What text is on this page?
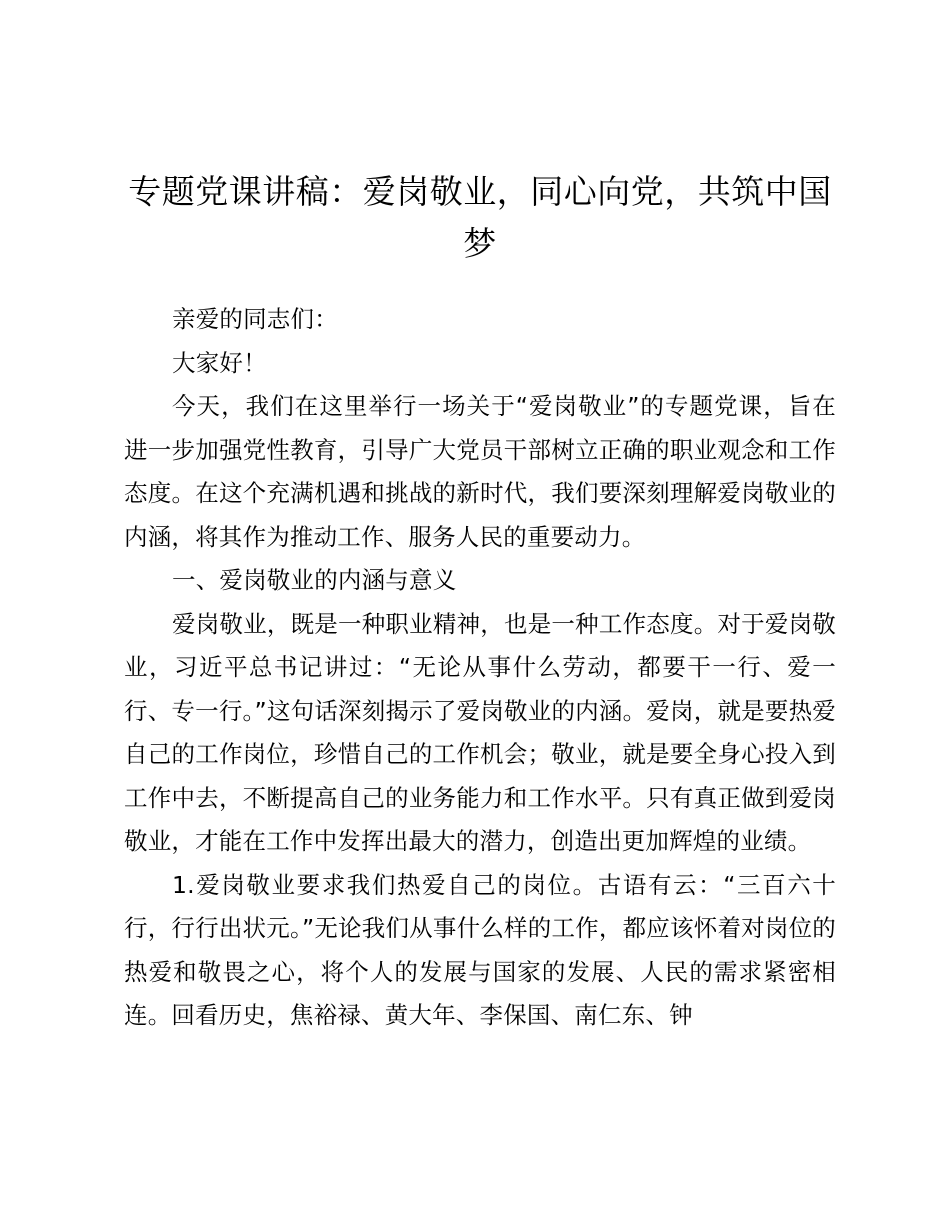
专题党课讲稿：爱岗敬业，同心向党，共筑中国梦

亲爱的同志们：

大家好！

今天，我们在这里举行一场关于“爱岗敬业”的专题党课，旨在进一步加强党性教育，引导广大党员干部树立正确的职业观念和工作态度。在这个充满机遇和挑战的新时代，我们要深刻理解爱岗敬业的内涵，将其作为推动工作、服务人民的重要动力。

一、爱岗敬业的内涵与意义

爱岗敬业，既是一种职业精神，也是一种工作态度。对于爱岗敬业，习近平总书记讲过：“无论从事什么劳动，都要干一行、爱一行、专一行。”这句话深刻揭示了爱岗敬业的内涵。爱岗，就是要热爱自己的工作岗位，珍惜自己的工作机会；敬业，就是要全身心投入到工作中去，不断提高自己的业务能力和工作水平。只有真正做到爱岗敬业，才能在工作中发挥出最大的潜力，创造出更加辉煌的业绩。

1.爱岗敬业要求我们热爱自己的岗位。古语有云：“三百六十行，行行出状元。”无论我们从事什么样的工作，都应该怀着对岗位的热爱和敬畏之心，将个人的发展与国家的发展、人民的需求紧密相连。回看历史，焦裕禄、黄大年、李保国、南仁东、钟
